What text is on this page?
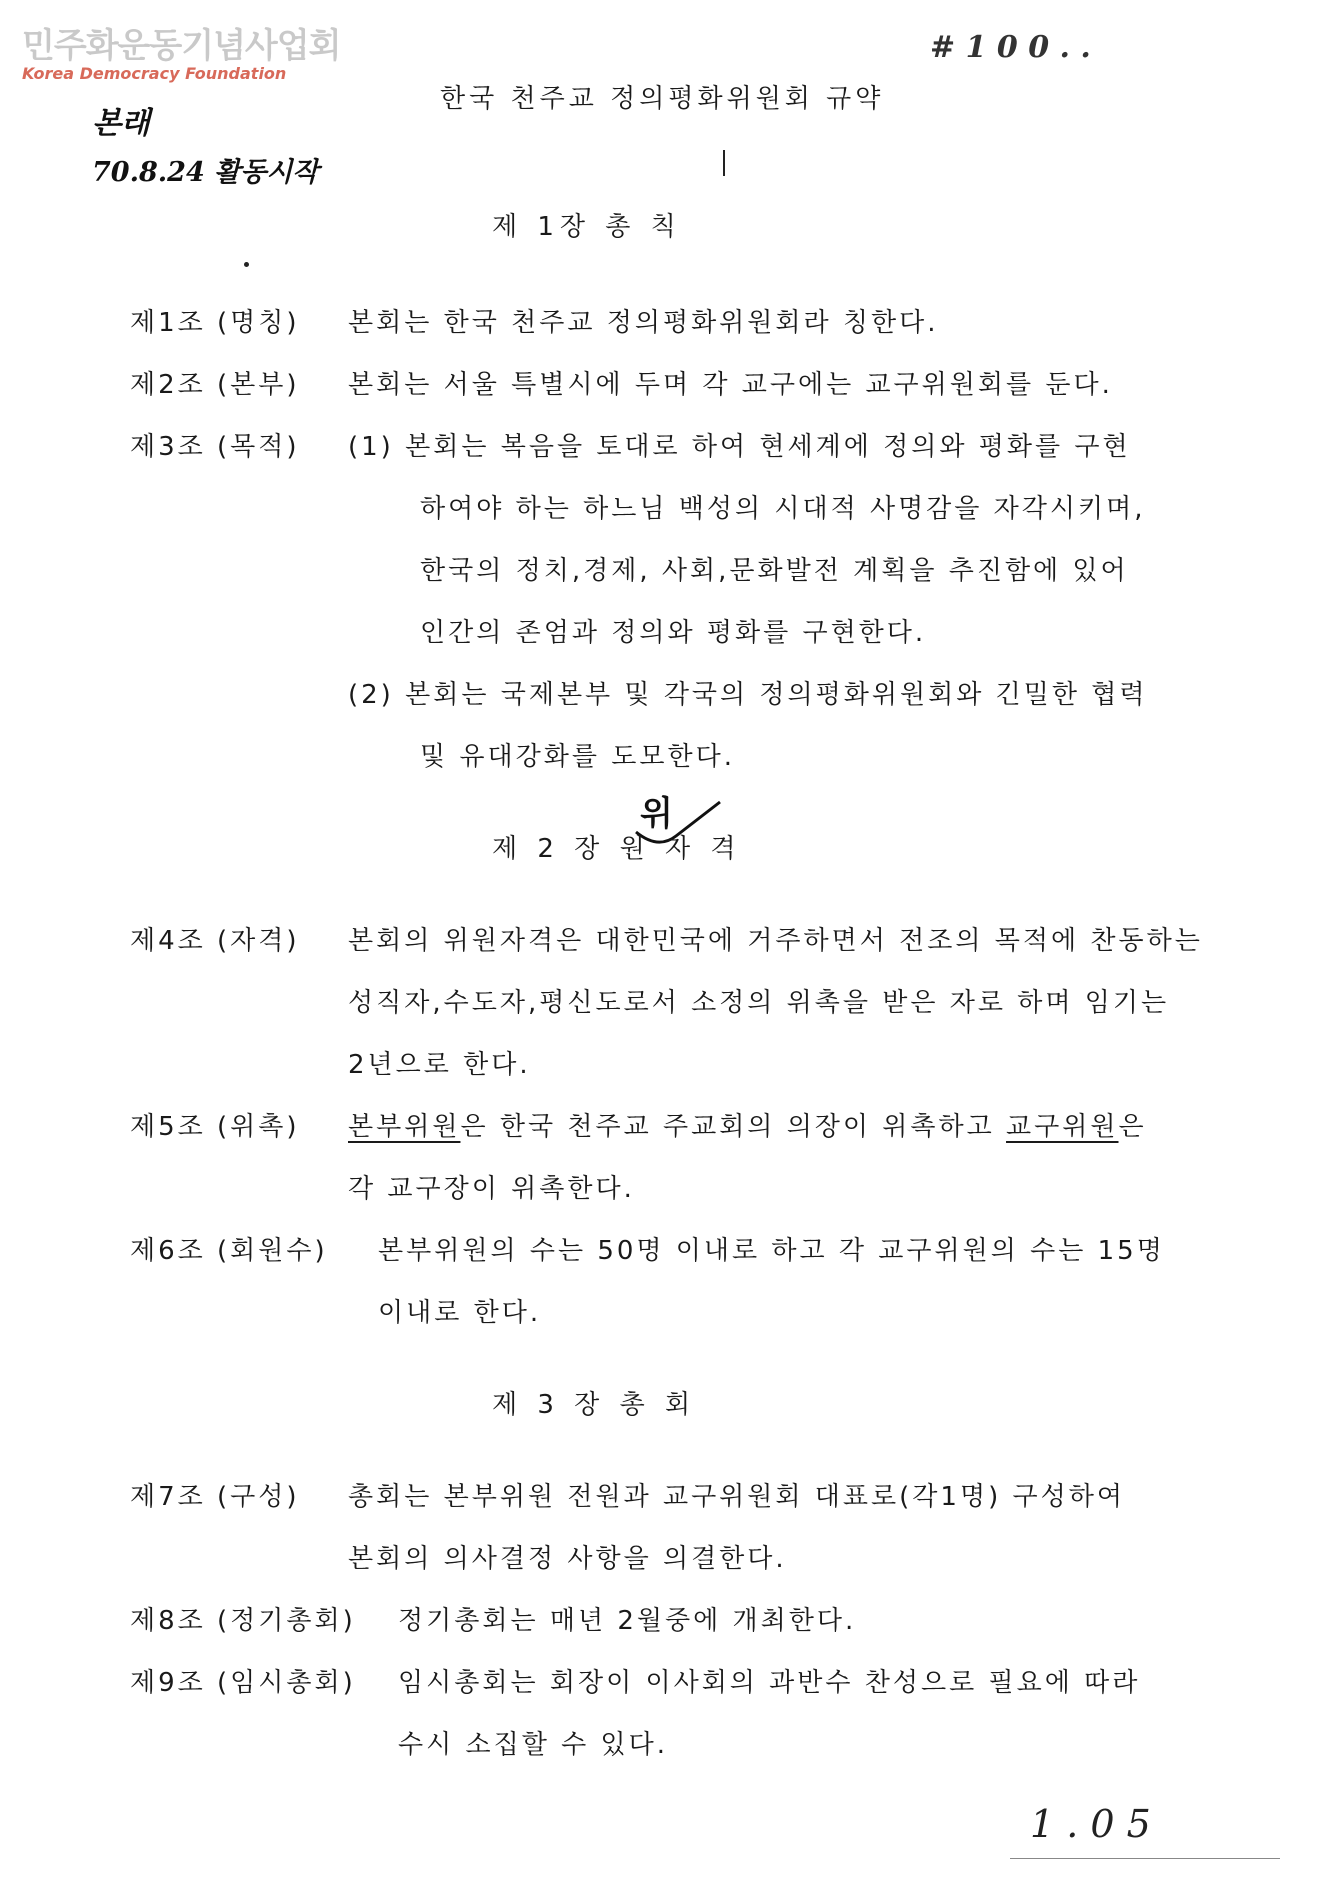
민주화운동기념사업회
Korea Democracy Foundation
본래
70.8.24 활동시작
# 1 0 0 . .
한국 천주교 정의평화위원회 규약
제 1장 총 칙
제1조 (명칭) 본회는 한국 천주교 정의평화위원회라 칭한다.
제2조 (본부) 본회는 서울 특별시에 두며 각 교구에는 교구위원회를 둔다.
제3조 (목적) (1) 본회는 복음을 토대로 하여 현세계에 정의와 평화를 구현
하여야 하는 하느님 백성의 시대적 사명감을 자각시키며,
한국의 정치,경제, 사회,문화발전 계획을 추진함에 있어
인간의 존엄과 정의와 평화를 구현한다.
(2) 본회는 국제본부 및 각국의 정의평화위원회와 긴밀한 협력
및 유대강화를 도모한다.
위
제 2 장 원 자 격
제4조 (자격) 본회의 위원자격은 대한민국에 거주하면서 전조의 목적에 찬동하는
성직자,수도자,평신도로서 소정의 위촉을 받은 자로 하며 임기는
2년으로 한다.
제5조 (위촉) 본부위원은 한국 천주교 주교회의 의장이 위촉하고 교구위원은
각 교구장이 위촉한다.
제6조 (회원수) 본부위원의 수는 50명 이내로 하고 각 교구위원의 수는 15명
이내로 한다.
제 3 장 총 회
제7조 (구성) 총회는 본부위원 전원과 교구위원회 대표로(각1명) 구성하여
본회의 의사결정 사항을 의결한다.
제8조 (정기총회) 정기총회는 매년 2월중에 개최한다.
제9조 (임시총회) 임시총회는 회장이 이사회의 과반수 찬성으로 필요에 따라
수시 소집할 수 있다.
1 . 0 5
